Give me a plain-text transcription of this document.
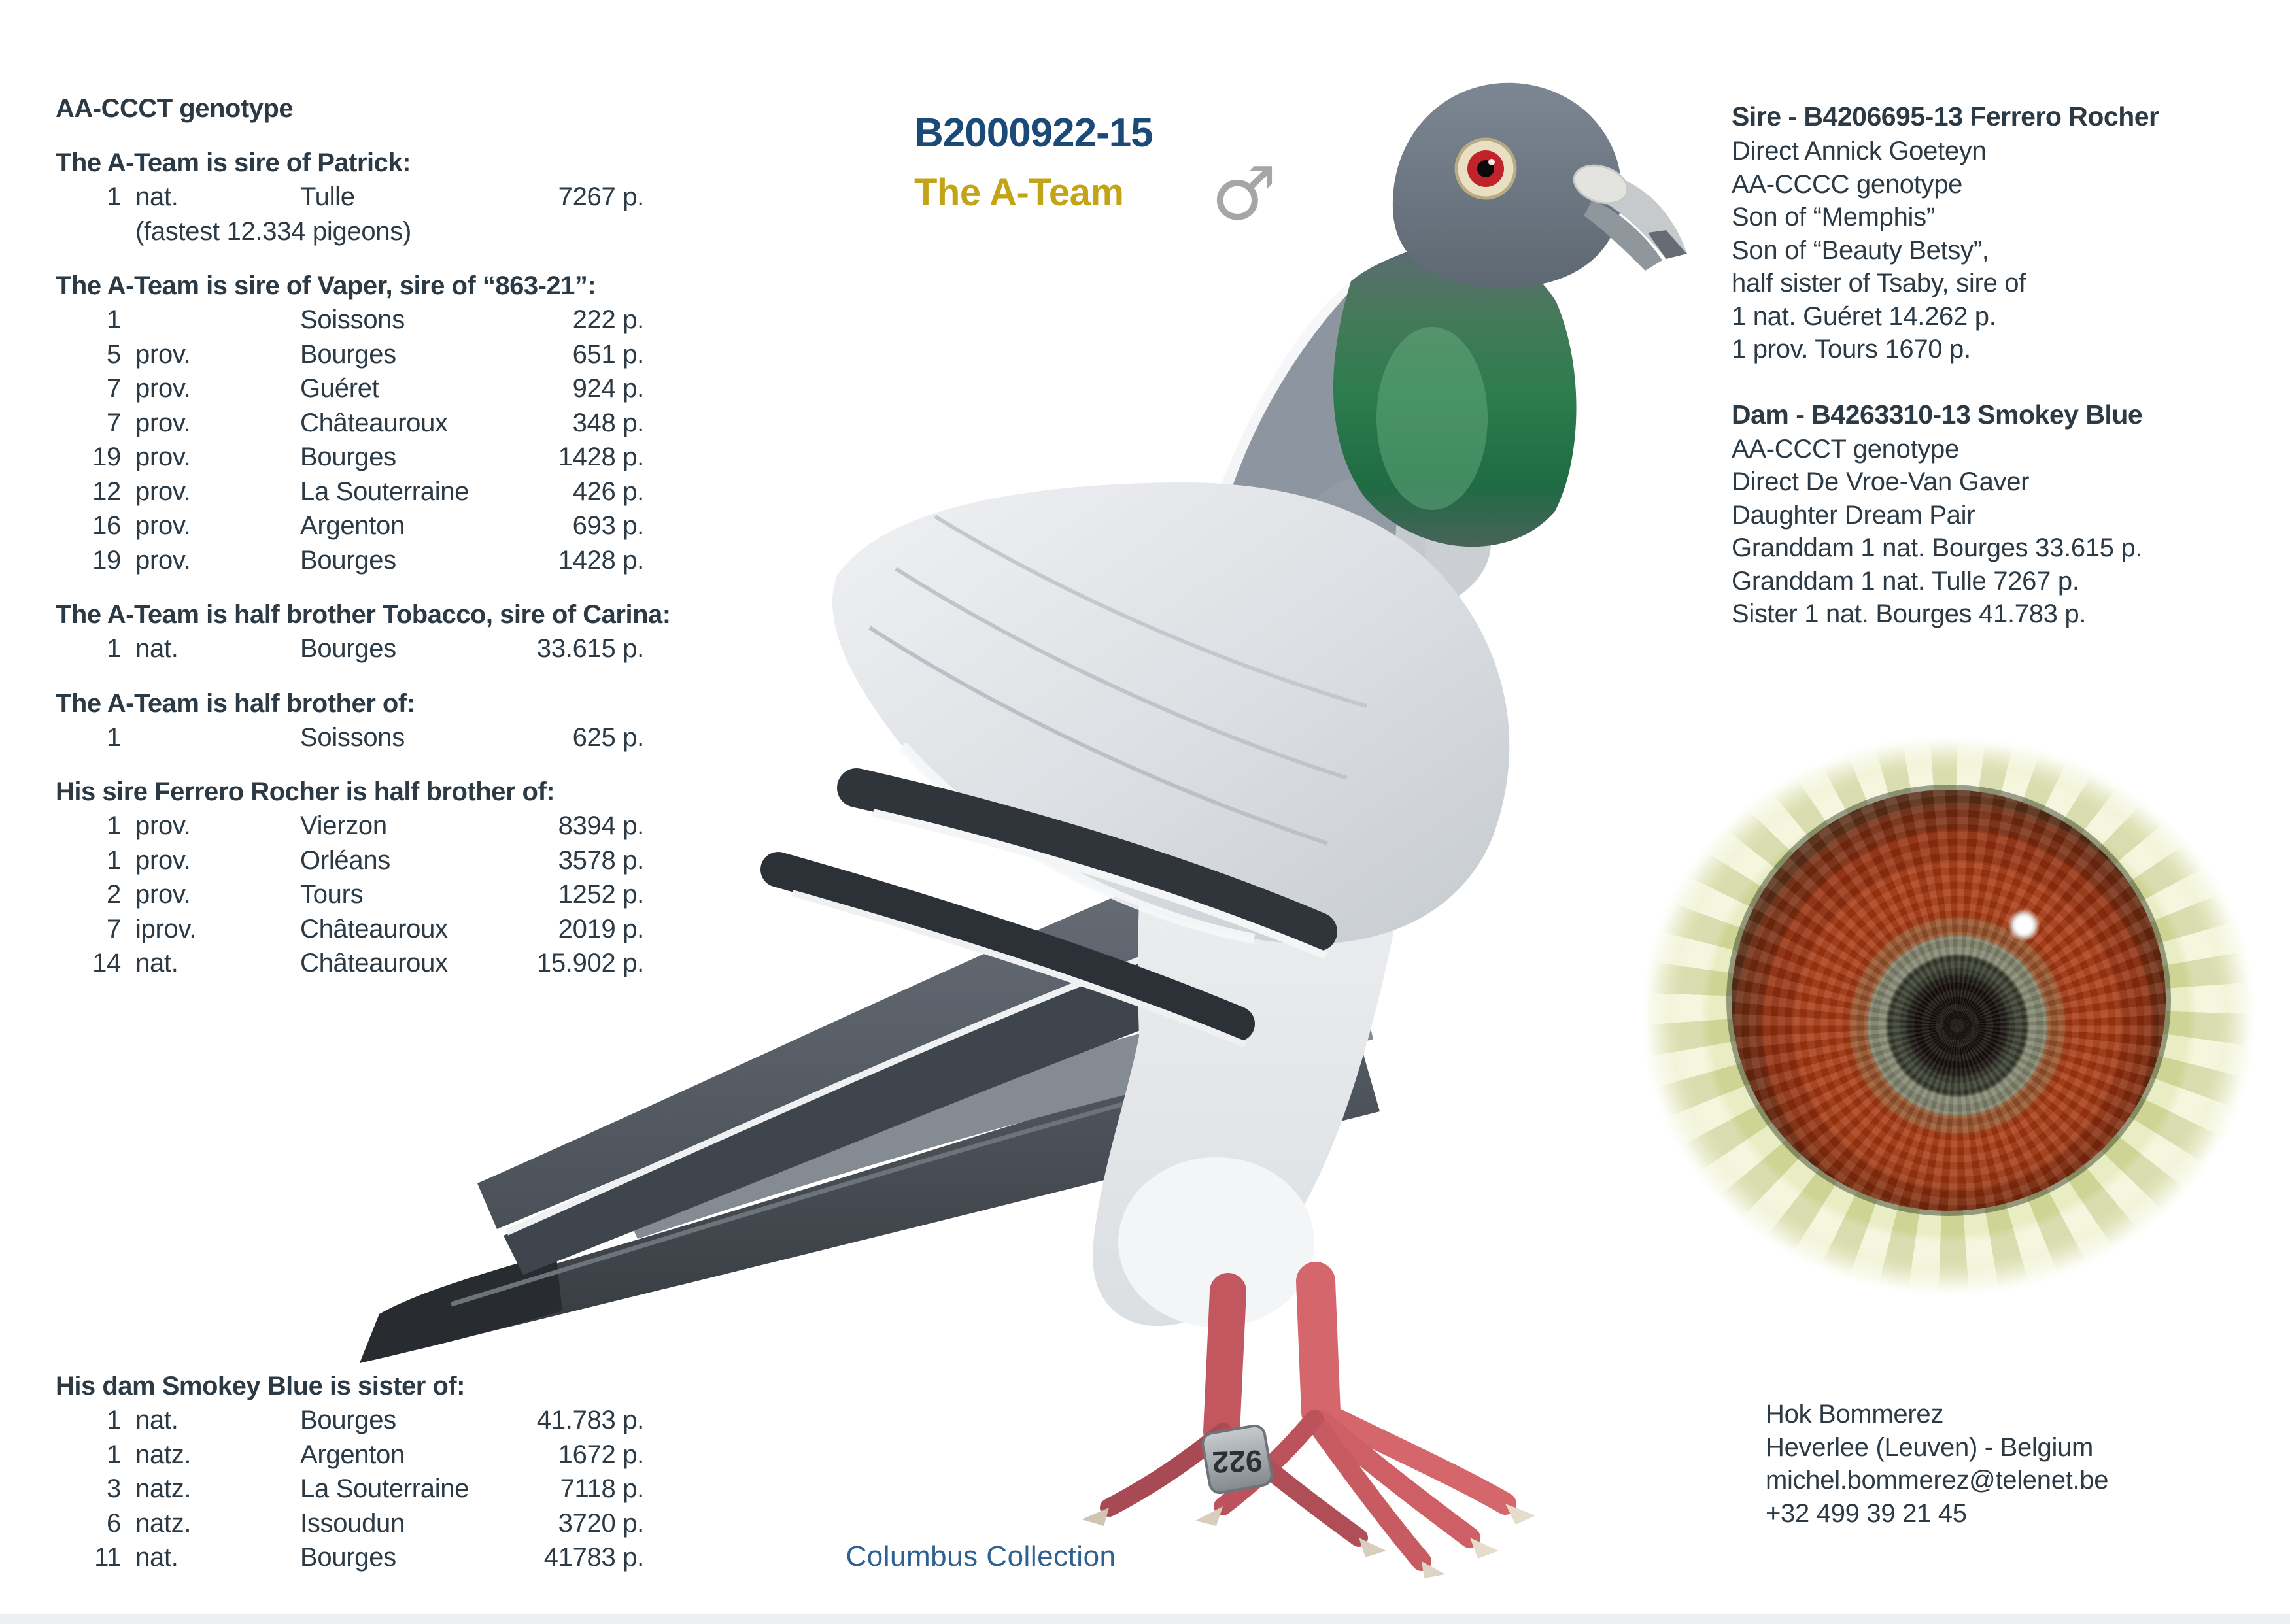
AA-CCCT genotype
The A-Team is sire of Patrick:
1 nat.	Tulle	7267 p.
(fastest 12.334 pigeons)
The A-Team is sire of Vaper, sire of “863-21”:
1	Soissons	222 p.
5 prov.	Bourges	651 p.
7 prov.	Guéret	924 p.
7 prov.	Châteauroux	348 p.
19 prov.	Bourges	1428 p.
12 prov.	La Souterraine	426 p.
16 prov.	Argenton	693 p.
19 prov.	Bourges	1428 p.
The A-Team is half brother Tobacco, sire of Carina:
1 nat.	Bourges	33.615 p.
The A-Team is half brother of:
1	Soissons	625 p.
His sire Ferrero Rocher is half brother of:
1 prov.	Vierzon	8394 p.
1 prov.	Orléans	3578 p.
2 prov.	Tours	1252 p.
7 iprov.	Châteauroux	2019 p.
14 nat.	Châteauroux	15.902 p.
His dam Smokey Blue is sister of:
1 nat.	Bourges	41.783 p.
1 natz.	Argenton	1672 p.
3 natz.	La Souterraine	7118 p.
6 natz.	Issoudun	3720 p.
11 nat.	Bourges	41783 p.
B2000922-15
The A-Team	♂
922
Sire - B4206695-13 Ferrero Rocher
Direct Annick Goeteyn
AA-CCCC genotype
Son of “Memphis”
Son of “Beauty Betsy”,
half sister of Tsaby, sire of
1 nat. Guéret 14.262 p.
1 prov. Tours 1670 p.
Dam - B4263310-13 Smokey Blue
AA-CCCT genotype
Direct De Vroe-Van Gaver
Daughter Dream Pair
Granddam 1 nat. Bourges 33.615 p.
Granddam 1 nat. Tulle 7267 p.
Sister 1 nat. Bourges 41.783 p.
Hok Bommerez
Heverlee (Leuven) - Belgium
michel.bommerez@telenet.be
+32 499 39 21 45
Columbus Collection
